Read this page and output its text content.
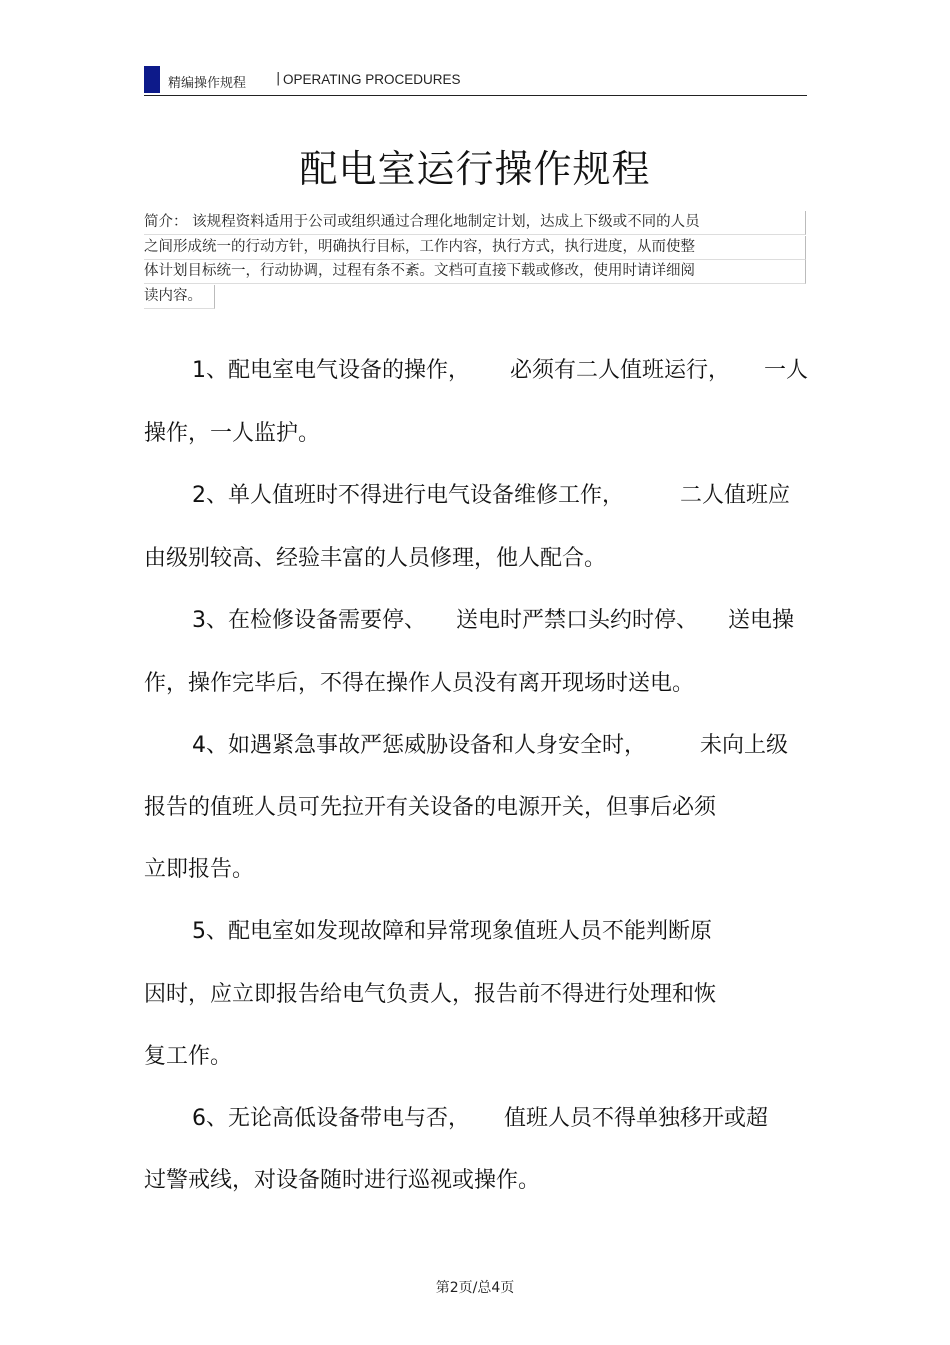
精编操作规程 | OPERATING PROCEDURES
配电室运行操作规程
简介： 该规程资料适用于公司或组织通过合理化地制定计划，达成上下级或不同的人员
之间形成统一的行动方针，明确执行目标，工作内容，执行方式，执行进度，从而使整
体计划目标统一，行动协调，过程有条不紊。文档可直接下载或修改，使用时请详细阅
读内容。
1、配电室电气设备的操作， 必须有二人值班运行， 一人
操作，一人监护。
2、单人值班时不得进行电气设备维修工作，	二人值班应
由级别较高、经验丰富的人员修理，他人配合。
3、在检修设备需要停、 送电时严禁口头约时停、 送电操
作，操作完毕后，不得在操作人员没有离开现场时送电。
4、如遇紧急事故严惩威胁设备和人身安全时， 未向上级
报告的值班人员可先拉开有关设备的电源开关，但事后必须
立即报告。
5、配电室如发现故障和异常现象值班人员不能判断原
因时，应立即报告给电气负责人，报告前不得进行处理和恢
复工作。
6、无论高低设备带电与否， 值班人员不得单独移开或超
过警戒线，对设备随时进行巡视或操作。
第2页/总4页
